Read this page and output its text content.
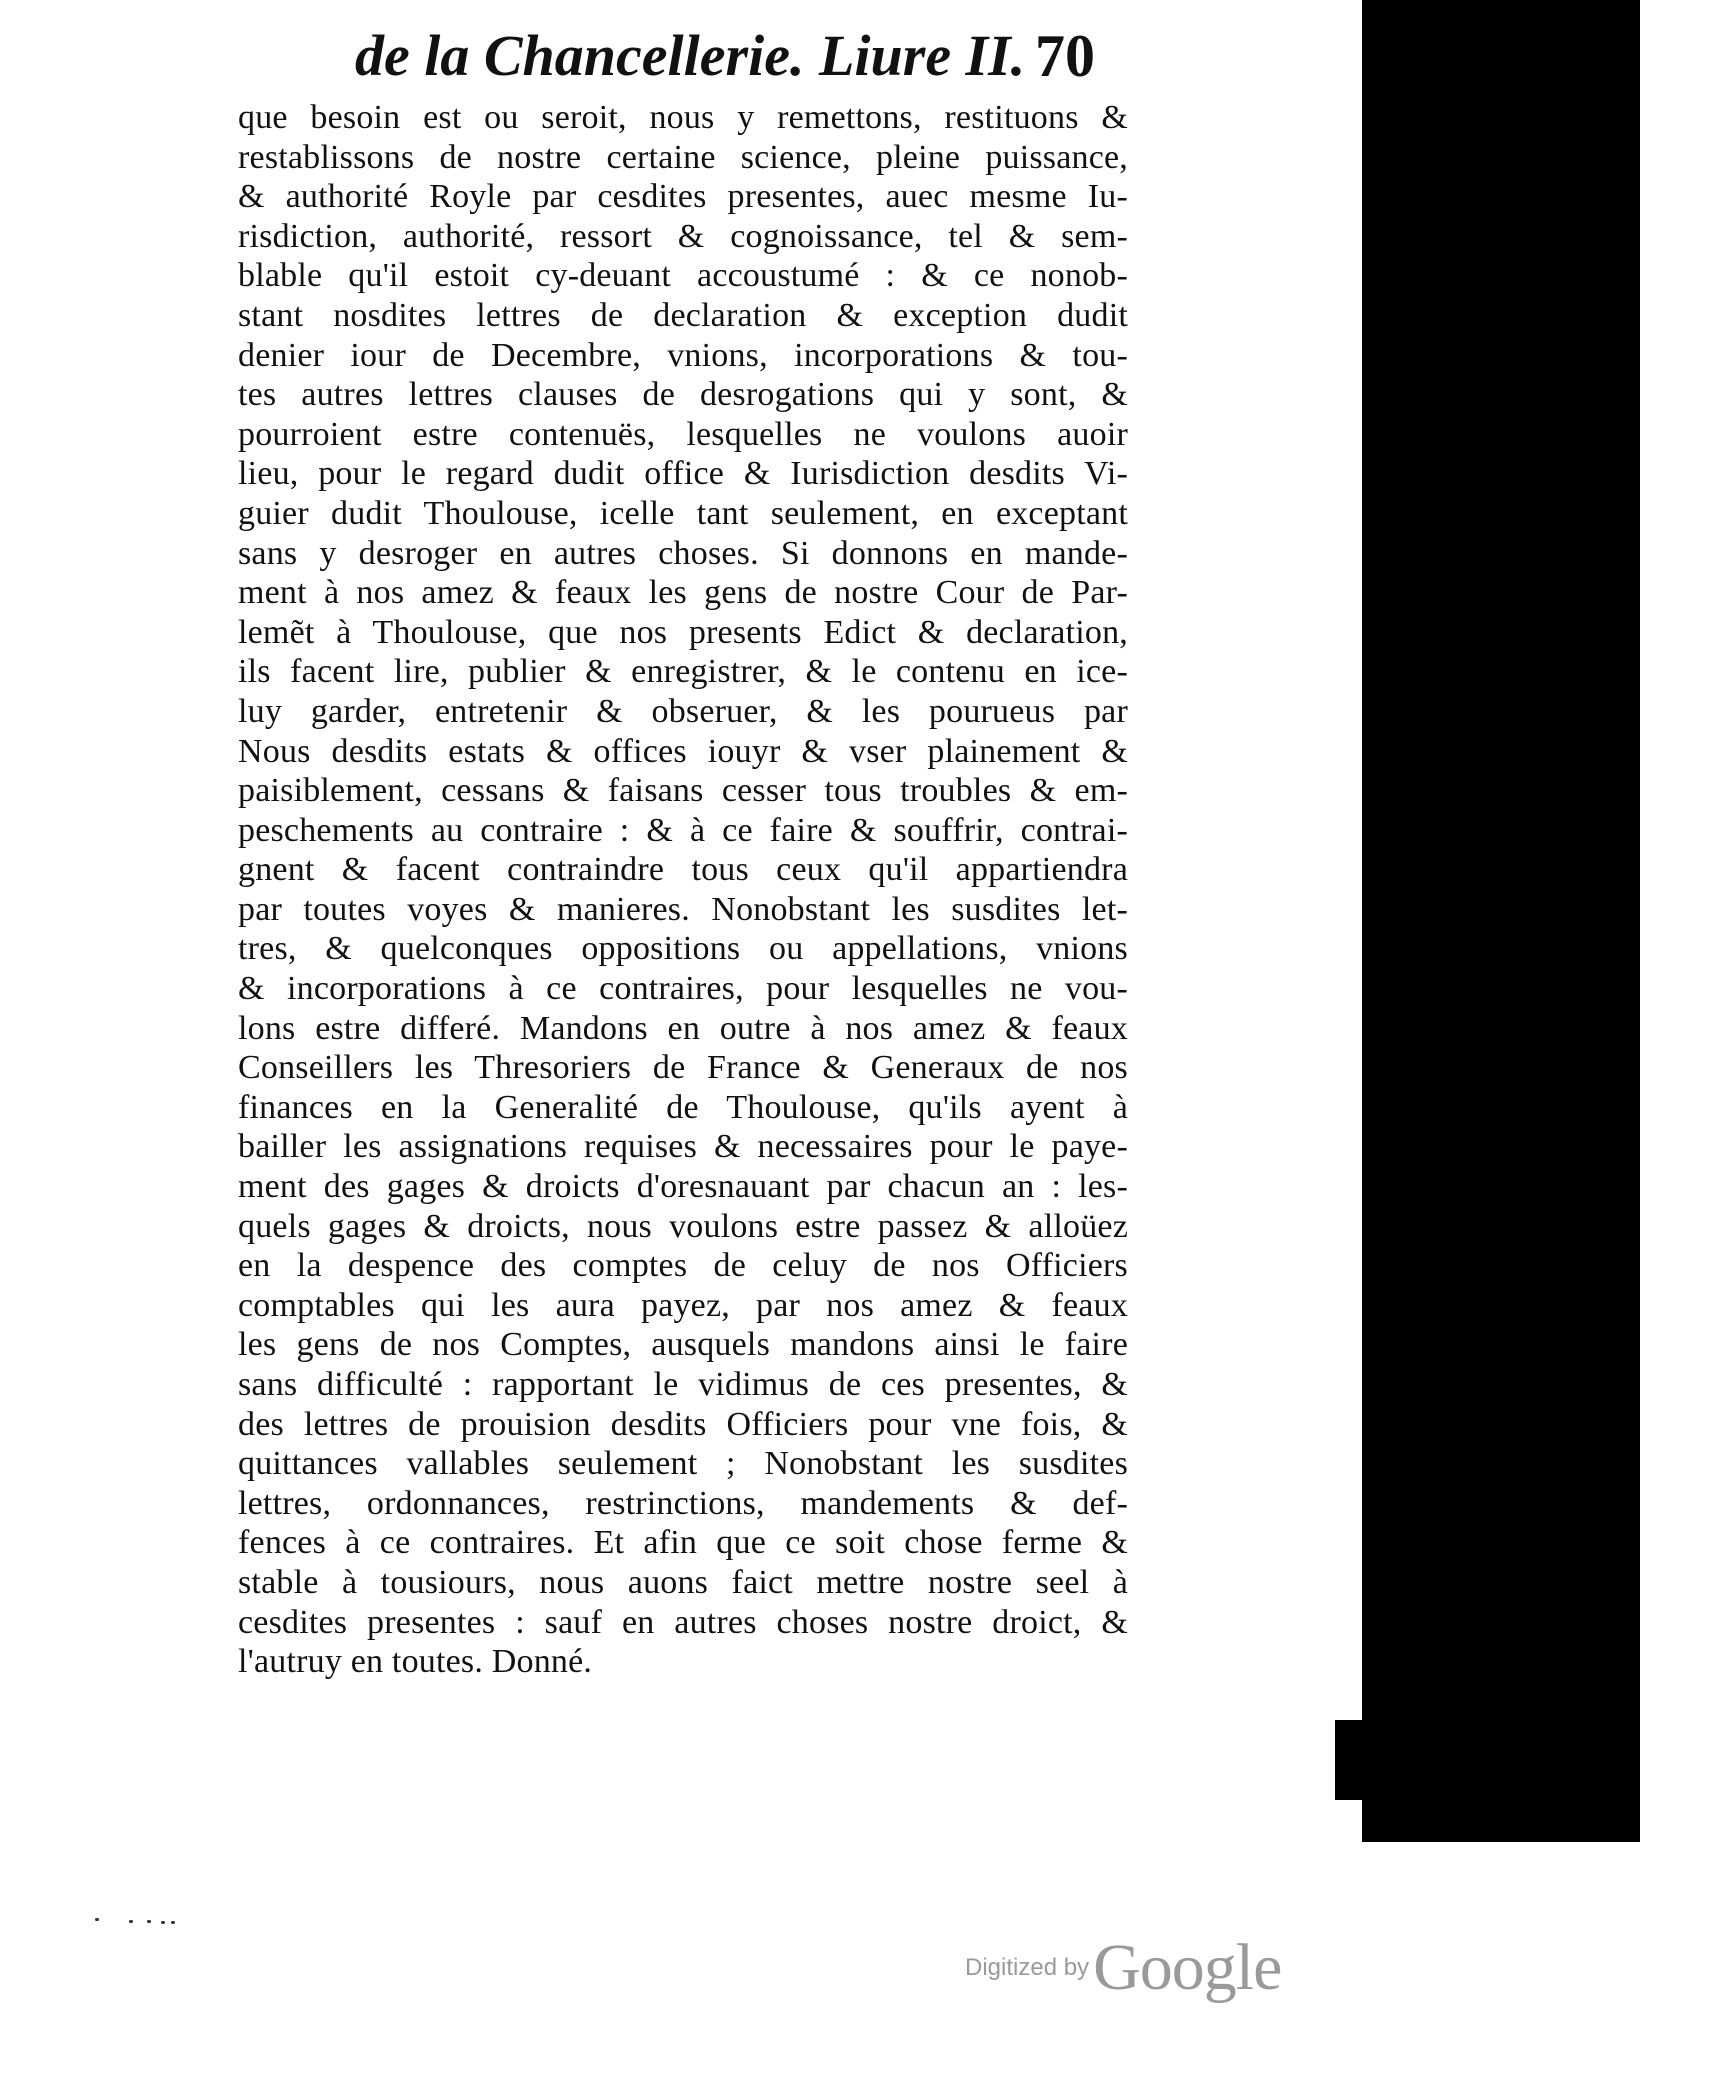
de la Chancellerie. Liure II. 70
que besoin est ou seroit, nous y remettons, restituons &
restablissons de nostre certaine science, pleine puissance,
& authorité Royle par cesdites presentes, auec mesme Iu-
risdiction, authorité, ressort & cognoissance, tel & sem-
blable qu'il estoit cy-deuant accoustumé : & ce nonob-
stant nosdites lettres de declaration & exception dudit
denier iour de Decembre, vnions, incorporations & tou-
tes autres lettres clauses de desrogations qui y sont, &
pourroient estre contenuës, lesquelles ne voulons auoir
lieu, pour le regard dudit office & Iurisdiction desdits Vi-
guier dudit Thoulouse, icelle tant seulement, en exceptant
sans y desroger en autres choses. Si donnons en mande-
ment à nos amez & feaux les gens de nostre Cour de Par-
lemẽt à Thoulouse, que nos presents Edict & declaration,
ils facent lire, publier & enregistrer, & le contenu en ice-
luy garder, entretenir & obseruer, & les pourueus par
Nous desdits estats & offices iouyr & vser plainement &
paisiblement, cessans & faisans cesser tous troubles & em-
peschements au contraire : & à ce faire & souffrir, contrai-
gnent & facent contraindre tous ceux qu'il appartiendra
par toutes voyes & manieres. Nonobstant les susdites let-
tres, & quelconques oppositions ou appellations, vnions
& incorporations à ce contraires, pour lesquelles ne vou-
lons estre differé. Mandons en outre à nos amez & feaux
Conseillers les Thresoriers de France & Generaux de nos
finances en la Generalité de Thoulouse, qu'ils ayent à
bailler les assignations requises & necessaires pour le paye-
ment des gages & droicts d'oresnauant par chacun an : les-
quels gages & droicts, nous voulons estre passez & alloüez
en la despence des comptes de celuy de nos Officiers
comptables qui les aura payez, par nos amez & feaux
les gens de nos Comptes, ausquels mandons ainsi le faire
sans difficulté : rapportant le vidimus de ces presentes, &
des lettres de prouision desdits Officiers pour vne fois, &
quittances vallables seulement ; Nonobstant les susdites
lettres, ordonnances, restrinctions, mandements & def-
fences à ce contraires. Et afin que ce soit chose ferme &
stable à tousiours, nous auons faict mettre nostre seel à
cesdites presentes : sauf en autres choses nostre droict, &
l'autruy en toutes. Donné.
Digitized by Google
